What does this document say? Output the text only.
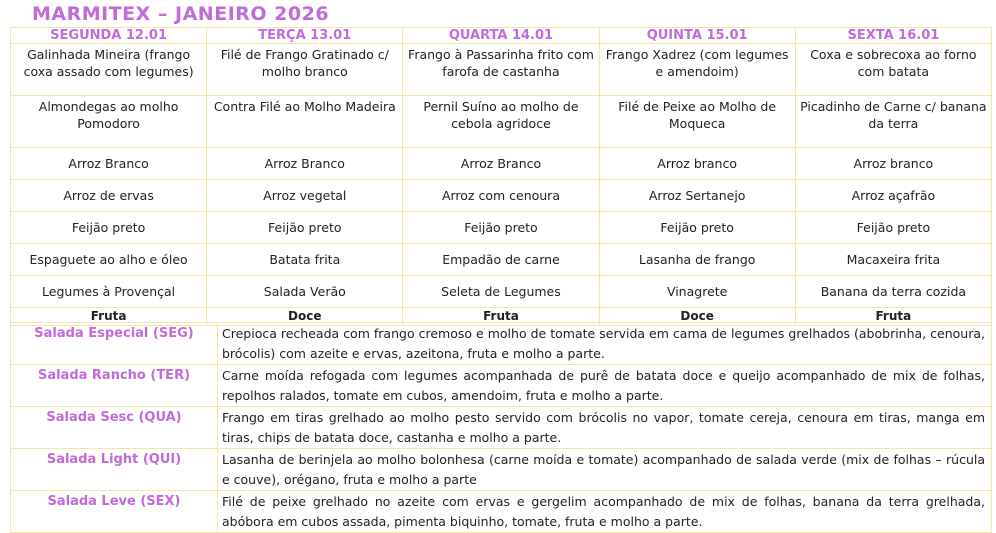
MARMITEX – JANEIRO 2026
SEGUNDA 12.01	TERÇA 13.01	QUARTA 14.01	QUINTA 15.01	SEXTA 16.01
Galinhada Mineira (frango coxa assado com legumes)	Filé de Frango Gratinado c/ molho branco	Frango à Passarinha frito com farofa de castanha	Frango Xadrez (com legumes e amendoim)	Coxa e sobrecoxa ao forno com batata
Almondegas ao molho Pomodoro	Contra Filé ao Molho Madeira	Pernil Suíno ao molho de cebola agridoce	Filé de Peixe ao Molho de Moqueca	Picadinho de Carne c/ banana da terra
Arroz Branco	Arroz Branco	Arroz Branco	Arroz branco	Arroz branco
Arroz de ervas	Arroz vegetal	Arroz com cenoura	Arroz Sertanejo	Arroz açafrão
Feijão preto	Feijão preto	Feijão preto	Feijão preto	Feijão preto
Espaguete ao alho e óleo	Batata frita	Empadão de carne	Lasanha de frango	Macaxeira frita
Legumes à Provençal	Salada Verão	Seleta de Legumes	Vinagrete	Banana da terra cozida
Fruta	Doce	Fruta	Doce	Fruta
Salada Especial (SEG)	Crepioca recheada com frango cremoso e molho de tomate servida em cama de legumes grelhados (abobrinha, cenoura, brócolis) com azeite e ervas, azeitona, fruta e molho a parte.
Salada Rancho (TER)	Carne moída refogada com legumes acompanhada de purê de batata doce e queijo acompanhado de mix de folhas, repolhos ralados, tomate em cubos, amendoim, fruta e molho a parte.
Salada Sesc (QUA)	Frango em tiras grelhado ao molho pesto servido com brócolis no vapor, tomate cereja, cenoura em tiras, manga em tiras, chips de batata doce, castanha e molho a parte.
Salada Light (QUI)	Lasanha de berinjela ao molho bolonhesa (carne moída e tomate) acompanhado de salada verde (mix de folhas – rúcula e couve), orégano, fruta e molho a parte
Salada Leve (SEX)	Filé de peixe grelhado no azeite com ervas e gergelim acompanhado de mix de folhas, banana da terra grelhada, abóbora em cubos assada, pimenta biquinho, tomate, fruta e molho a parte.
